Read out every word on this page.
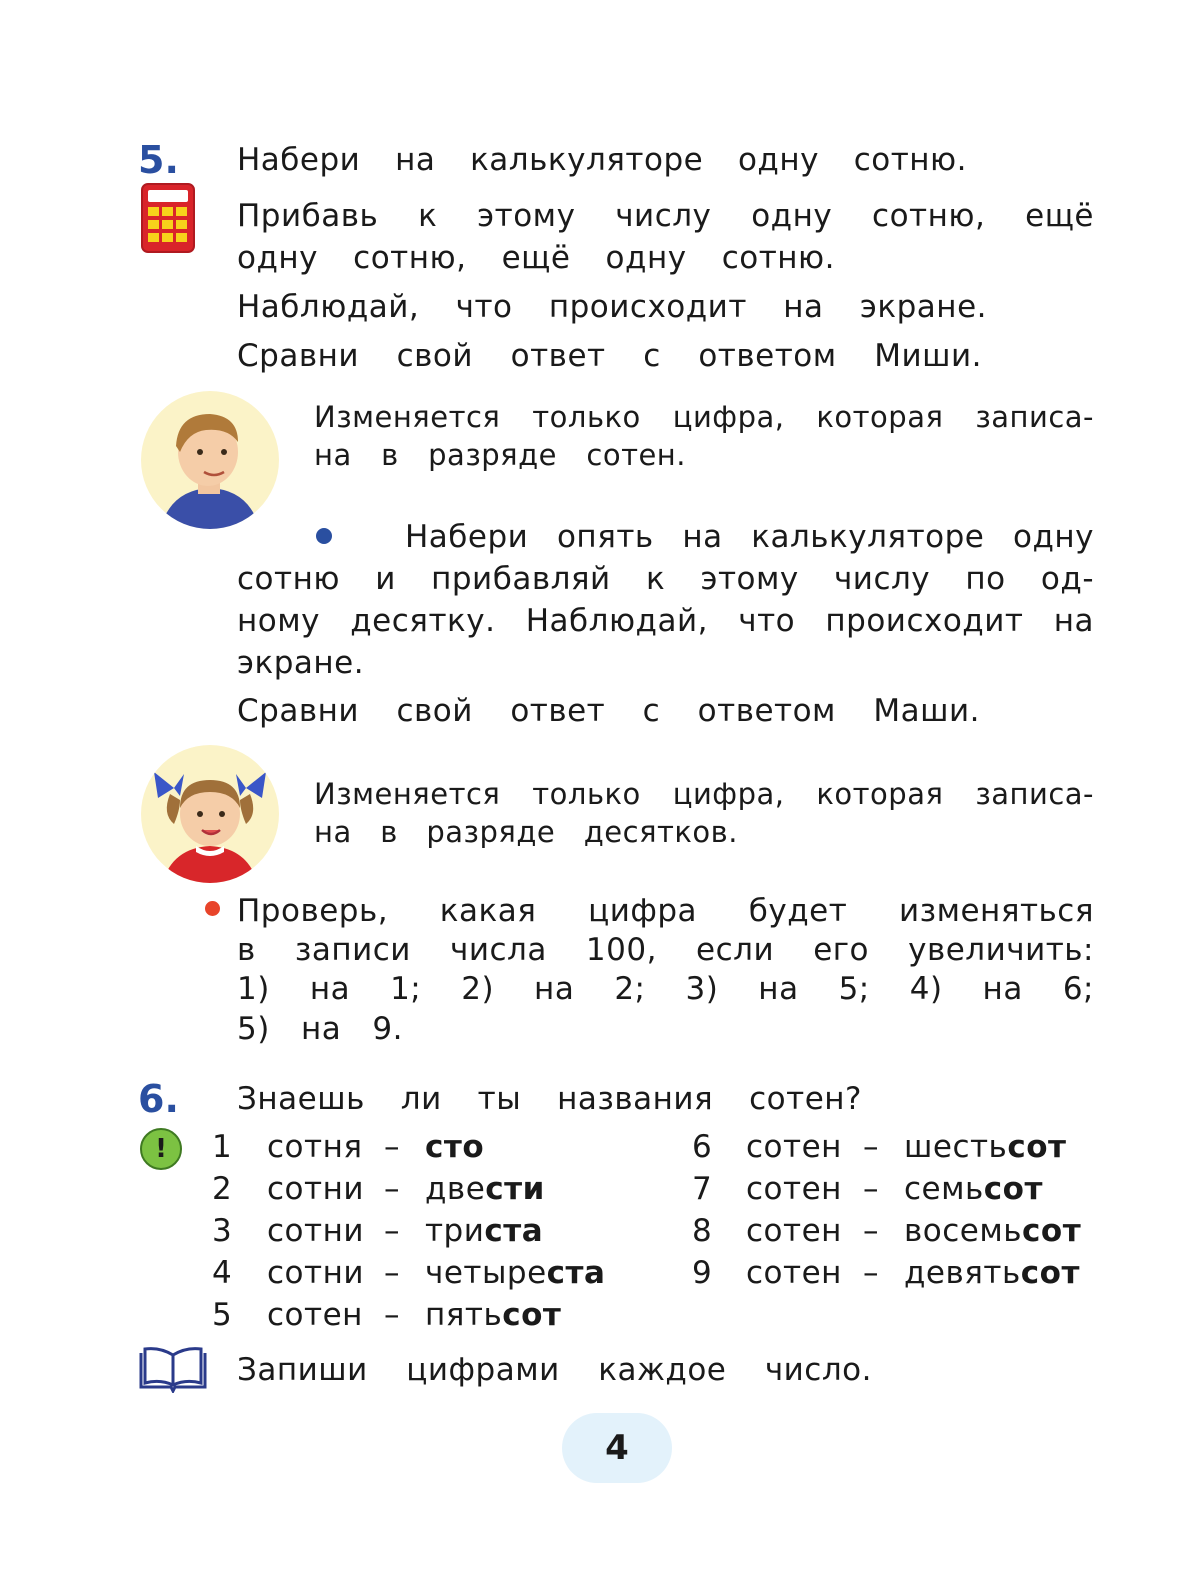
5. Набери на калькуляторе одну сотню.
Прибавь к этому числу одну сотню, ещё
одну сотню, ещё одну сотню.
Наблюдай, что происходит на экране.
Сравни свой ответ с ответом Миши.
Изменяется только цифра, которая записа-
на в разряде сотен.
Набери опять на калькуляторе одну
сотню и прибавляй к этому числу по од-
ному десятку. Наблюдай, что происходит на
экране.
Сравни свой ответ с ответом Маши.
Изменяется только цифра, которая записа-
на в разряде десятков.
Проверь, какая цифра будет изменяться
в записи числа 100, если его увеличить:
1) на 1; 2) на 2; 3) на 5; 4) на 6;
5) на 9.
6. Знаешь ли ты названия сотен?
!	1 сотня – сто
2 сотни – двести
3 сотни – триста
4 сотни – четыреста
5 сотен – пятьсот
6 сотен – шестьсот
7 сотен – семьсот
8 сотен – восемьсот
9 сотен – девятьсот
Запиши цифрами каждое число.
4
